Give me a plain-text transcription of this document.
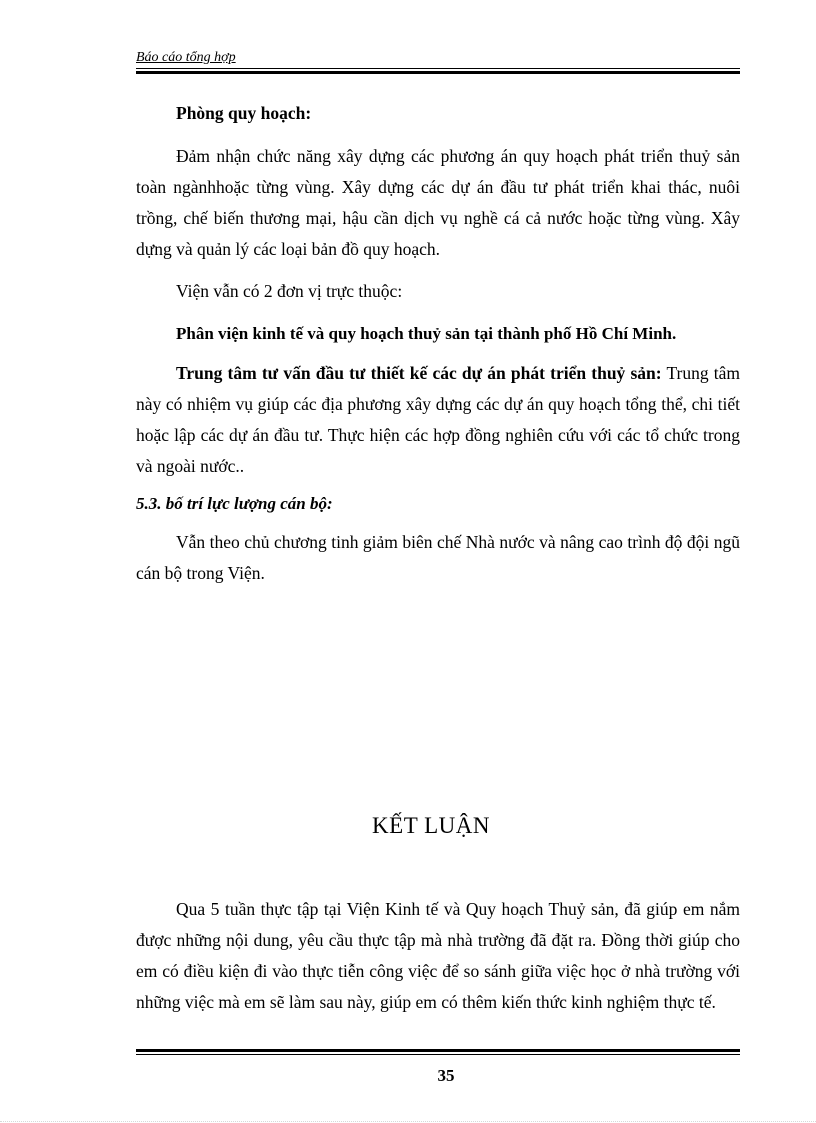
Báo cáo tổng hợp
Phòng quy hoạch:
Đảm nhận chức năng xây dựng các phương án quy hoạch phát triển thuỷ sản toàn ngànhhoặc từng vùng. Xây dựng các dự án đầu tư phát triển khai thác, nuôi trồng, chế biến thương mại, hậu cần dịch vụ nghề cá cả nước hoặc từng vùng. Xây dựng và quản lý các loại bản đồ quy hoạch.
Viện vẫn có 2 đơn vị trực thuộc:
Phân viện kinh tế và quy hoạch thuỷ sản tại thành phố Hồ Chí Minh.
Trung tâm tư vấn đầu tư thiết kế các dự án phát triển thuỷ sản: Trung tâm này có nhiệm vụ giúp các địa phương xây dựng các dự án quy hoạch tổng thể, chi tiết hoặc lập các dự án đầu tư. Thực hiện các hợp đồng nghiên cứu với các tổ chức trong và ngoài nước..
5.3. bố trí lực lượng cán bộ:
Vẫn theo chủ chương tinh giảm biên chế Nhà nước và nâng cao trình độ đội ngũ cán bộ trong Viện.
KẾT LUẬN
Qua 5 tuần thực tập tại Viện Kinh tế và Quy hoạch Thuỷ sản, đã giúp em nắm được những nội dung, yêu cầu thực tập mà nhà trường đã đặt ra. Đồng thời giúp cho em có điều kiện đi vào thực tiễn công việc để so sánh giữa việc học ở nhà trường với những việc mà em sẽ làm sau này, giúp em có thêm kiến thức kinh nghiệm thực tế.
35
